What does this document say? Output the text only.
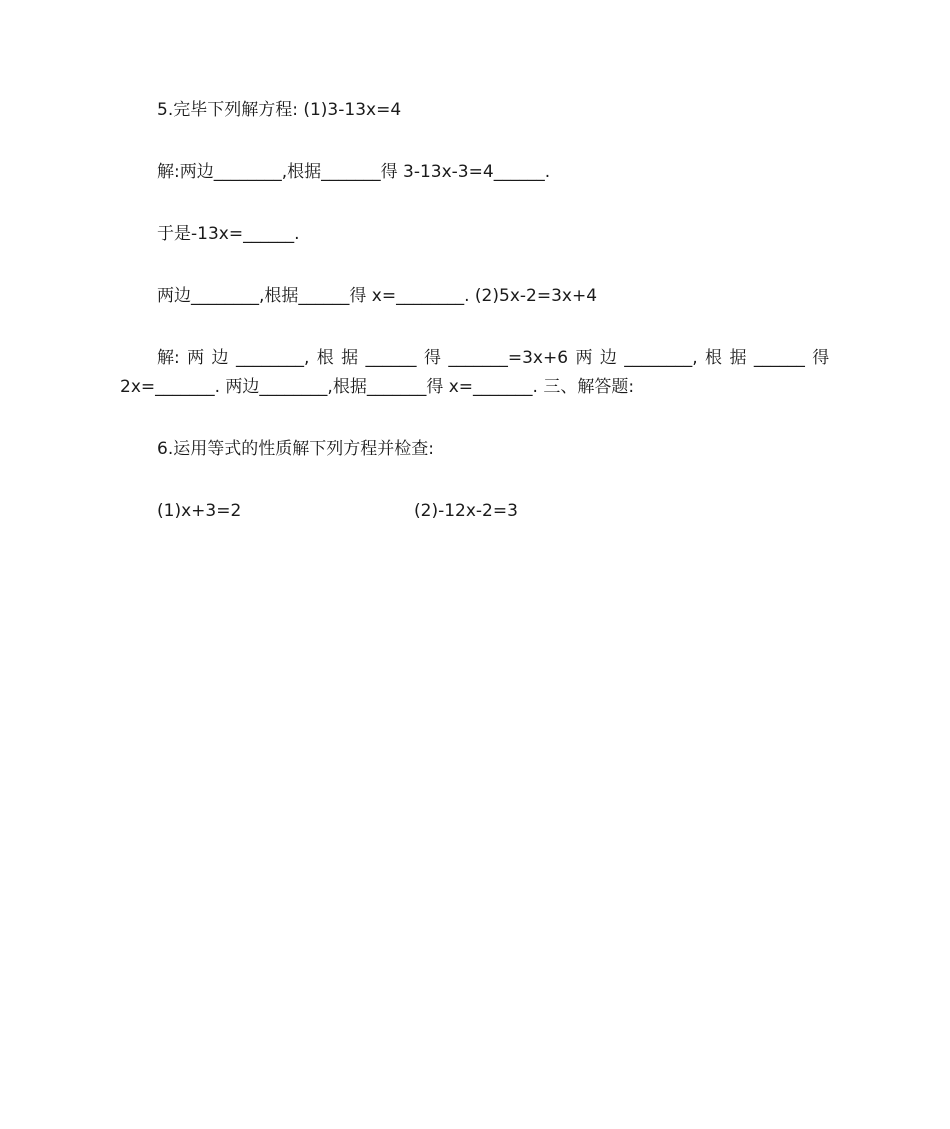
5.完毕下列解方程: (1)3-13x=4
解:两边________,根据_______得 3-13x-3=4______.
于是-13x=______.
两边________,根据______得 x=________. (2)5x-2=3x+4
解: 两 边 ________, 根 据 ______ 得 _______=3x+6 两 边 ________, 根 据 ______ 得
2x=_______. 两边________,根据_______得 x=_______. 三、解答题:
6.运用等式的性质解下列方程并检查:
(1)x+3=2	(2)-12x-2=3
